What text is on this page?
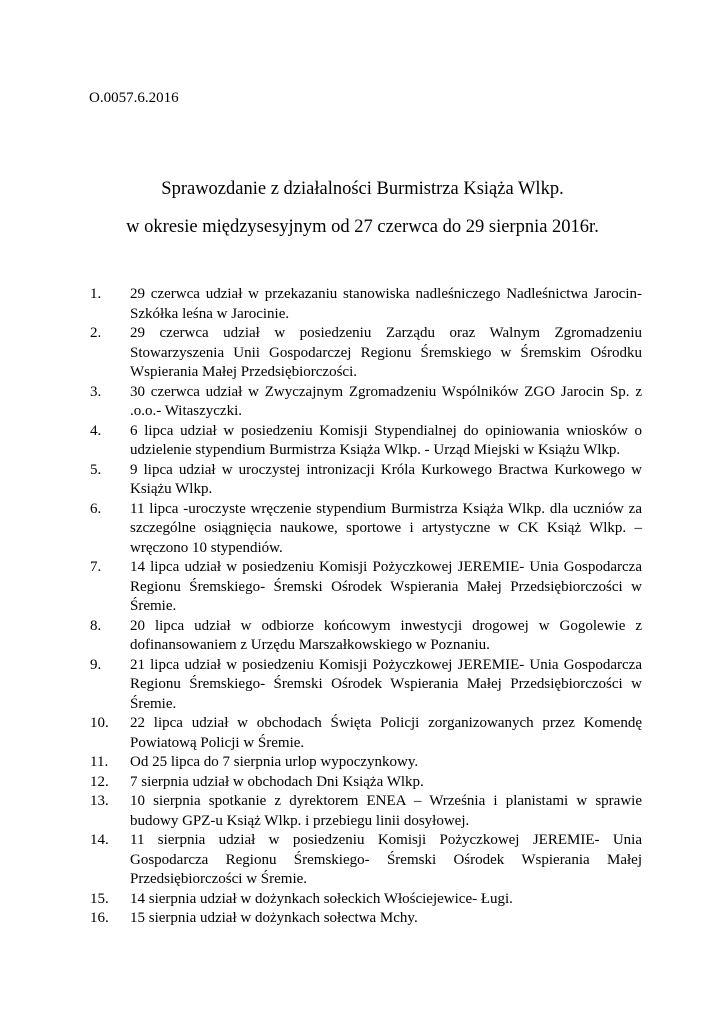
O.0057.6.2016
Sprawozdanie z działalności Burmistrza Książa Wlkp.
w okresie międzysesyjnym od 27 czerwca do 29 sierpnia 2016r.
1.	29 czerwca udział w przekazaniu stanowiska nadleśniczego Nadleśnictwa Jarocin- Szkółka leśna w Jarocinie.
2.	29 czerwca udział w posiedzeniu Zarządu oraz Walnym Zgromadzeniu Stowarzyszenia Unii Gospodarczej Regionu Śremskiego w Śremskim Ośrodku Wspierania Małej Przedsiębiorczości.
3.	30 czerwca udział w Zwyczajnym Zgromadzeniu Wspólników ZGO Jarocin Sp. z .o.o.- Witaszyczki.
4.	6 lipca udział w posiedzeniu Komisji Stypendialnej do opiniowania wniosków o udzielenie stypendium Burmistrza Książa Wlkp. - Urząd Miejski w Książu Wlkp.
5.	9 lipca udział w uroczystej intronizacji Króla Kurkowego Bractwa Kurkowego w Książu Wlkp.
6.	11 lipca -uroczyste wręczenie stypendium Burmistrza Książa Wlkp. dla uczniów za szczególne osiągnięcia naukowe, sportowe i artystyczne w CK Książ Wlkp. – wręczono 10 stypendiów.
7.	14 lipca udział w posiedzeniu Komisji Pożyczkowej JEREMIE- Unia Gospodarcza Regionu Śremskiego- Śremski Ośrodek Wspierania Małej Przedsiębiorczości w Śremie.
8.	20 lipca udział w odbiorze końcowym inwestycji drogowej w Gogolewie z dofinansowaniem z Urzędu Marszałkowskiego w Poznaniu.
9.	21 lipca udział w posiedzeniu Komisji Pożyczkowej JEREMIE- Unia Gospodarcza Regionu Śremskiego- Śremski Ośrodek Wspierania Małej Przedsiębiorczości w Śremie.
10.	22 lipca udział w obchodach Święta Policji zorganizowanych przez Komendę Powiatową Policji w Śremie.
11.	Od 25 lipca do 7 sierpnia urlop wypoczynkowy.
12.	7 sierpnia udział w obchodach Dni Książa Wlkp.
13.	10 sierpnia spotkanie z dyrektorem ENEA – Września i planistami w sprawie budowy GPZ-u Książ Wlkp. i przebiegu linii dosyłowej.
14.	11 sierpnia udział w posiedzeniu Komisji Pożyczkowej JEREMIE- Unia Gospodarcza Regionu Śremskiego- Śremski Ośrodek Wspierania Małej Przedsiębiorczości w Śremie.
15.	14 sierpnia udział w dożynkach sołeckich Włościejewice- Ługi.
16.	15 sierpnia udział w dożynkach sołectwa Mchy.
